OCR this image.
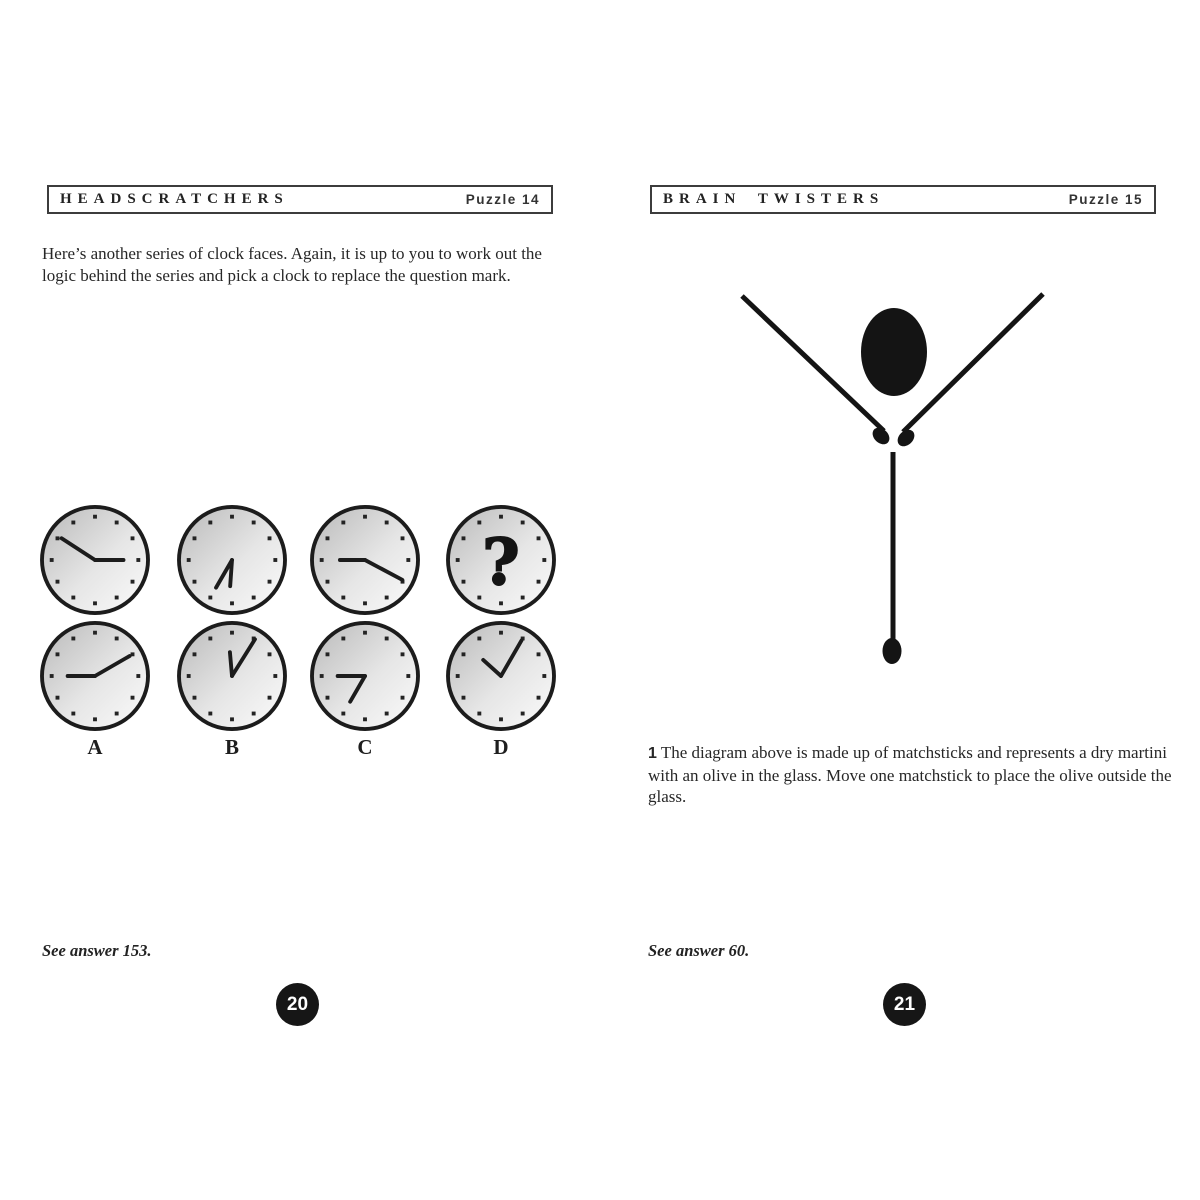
HEADSCRATCHERS	Puzzle 14

Here’s another series of clock faces. Again, it is up to you to work out the logic behind the series and pick a clock to replace the question mark.

?
A	B	C	D

See answer 153.

20
BRAIN TWISTERS	Puzzle 15

1 The diagram above is made up of matchsticks and represents a dry martini with an olive in the glass. Move one matchstick to place the olive outside the glass.

See answer 60.

21
